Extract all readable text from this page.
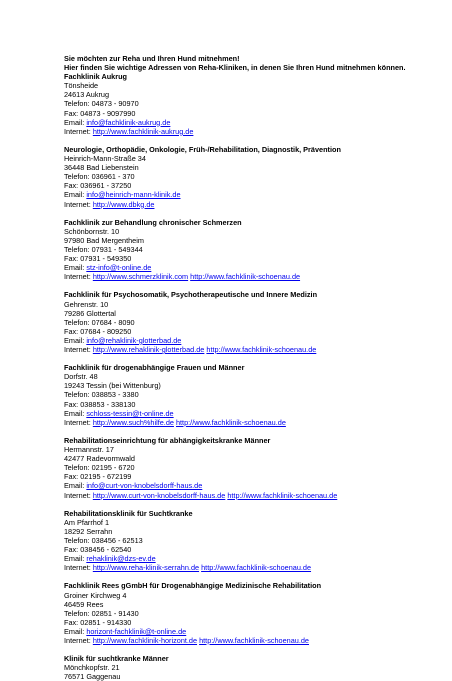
Sie möchten zur Reha und Ihren Hund mitnehmen!
Hier finden Sie wichtige Adressen von Reha-Kliniken, in denen Sie Ihren Hund mitnehmen können.
Fachklinik Aukrug
Tönsheide
24613 Aukrug
Telefon: 04873 - 90970
Fax: 04873 - 9097990
Email: info@fachklinik-aukrug.de
Internet: http://www.fachklinik-aukrug.de
Neurologie, Orthopädie, Onkologie, Früh-/Rehabilitation, Diagnostik, Prävention
Heinrich-Mann-Straße 34
36448 Bad Liebenstein
Telefon: 036961 - 370
Fax: 036961 - 37250
Email: info@heinrich-mann-klinik.de
Internet: http://www.dbkg.de
Fachklinik zur Behandlung chronischer Schmerzen
Schönbornstr. 10
97980 Bad Mergentheim
Telefon: 07931 - 549344
Fax: 07931 - 549350
Email: stz-info@t-online.de
Internet: http://www.schmerzklinik.com http://www.fachklinik-schoenau.de
Fachklinik für Psychosomatik, Psychotherapeutische und Innere Medizin
Gehrenstr. 10
79286 Glottertal
Telefon: 07684 - 8090
Fax: 07684 - 809250
Email: info@rehaklinik-glotterbad.de
Internet: http://www.rehaklinik-glotterbad.de http://www.fachklinik-schoenau.de
Fachklinik für drogenabhängige Frauen und Männer
Dorfstr. 48
19243 Tessin (bei Wittenburg)
Telefon: 038853 - 3380
Fax: 038853 - 338130
Email: schloss-tessin@t-online.de
Internet: http://www.such%hilfe.de http://www.fachklinik-schoenau.de
Rehabilitationseinrichtung für abhängigkeitskranke Männer
Hermannstr. 17
42477 Radevormwald
Telefon: 02195 - 6720
Fax: 02195 - 672199
Email: info@curt-von-knobelsdorff-haus.de
Internet: http://www.curt-von-knobelsdorff-haus.de http://www.fachklinik-schoenau.de
Rehabilitationsklinik für Suchtkranke
Am Pfarrhof 1
18292 Serrahn
Telefon: 038456 - 62513
Fax: 038456 - 62540
Email: rehaklinik@dzs-ev.de
Internet: http://www.reha-klinik-serrahn.de http://www.fachklinik-schoenau.de
Fachklinik Rees gGmbH für Drogenabhängige Medizinische Rehabilitation
Groiner Kirchweg 4
46459 Rees
Telefon: 02851 - 91430
Fax: 02851 - 914330
Email: horizont-fachklinik@t-online.de
Internet: http://www.fachklinik-horizont.de http://www.fachklinik-schoenau.de
Klinik für suchtkranke Männer
Mönchkopfstr. 21
76571 Gaggenau
